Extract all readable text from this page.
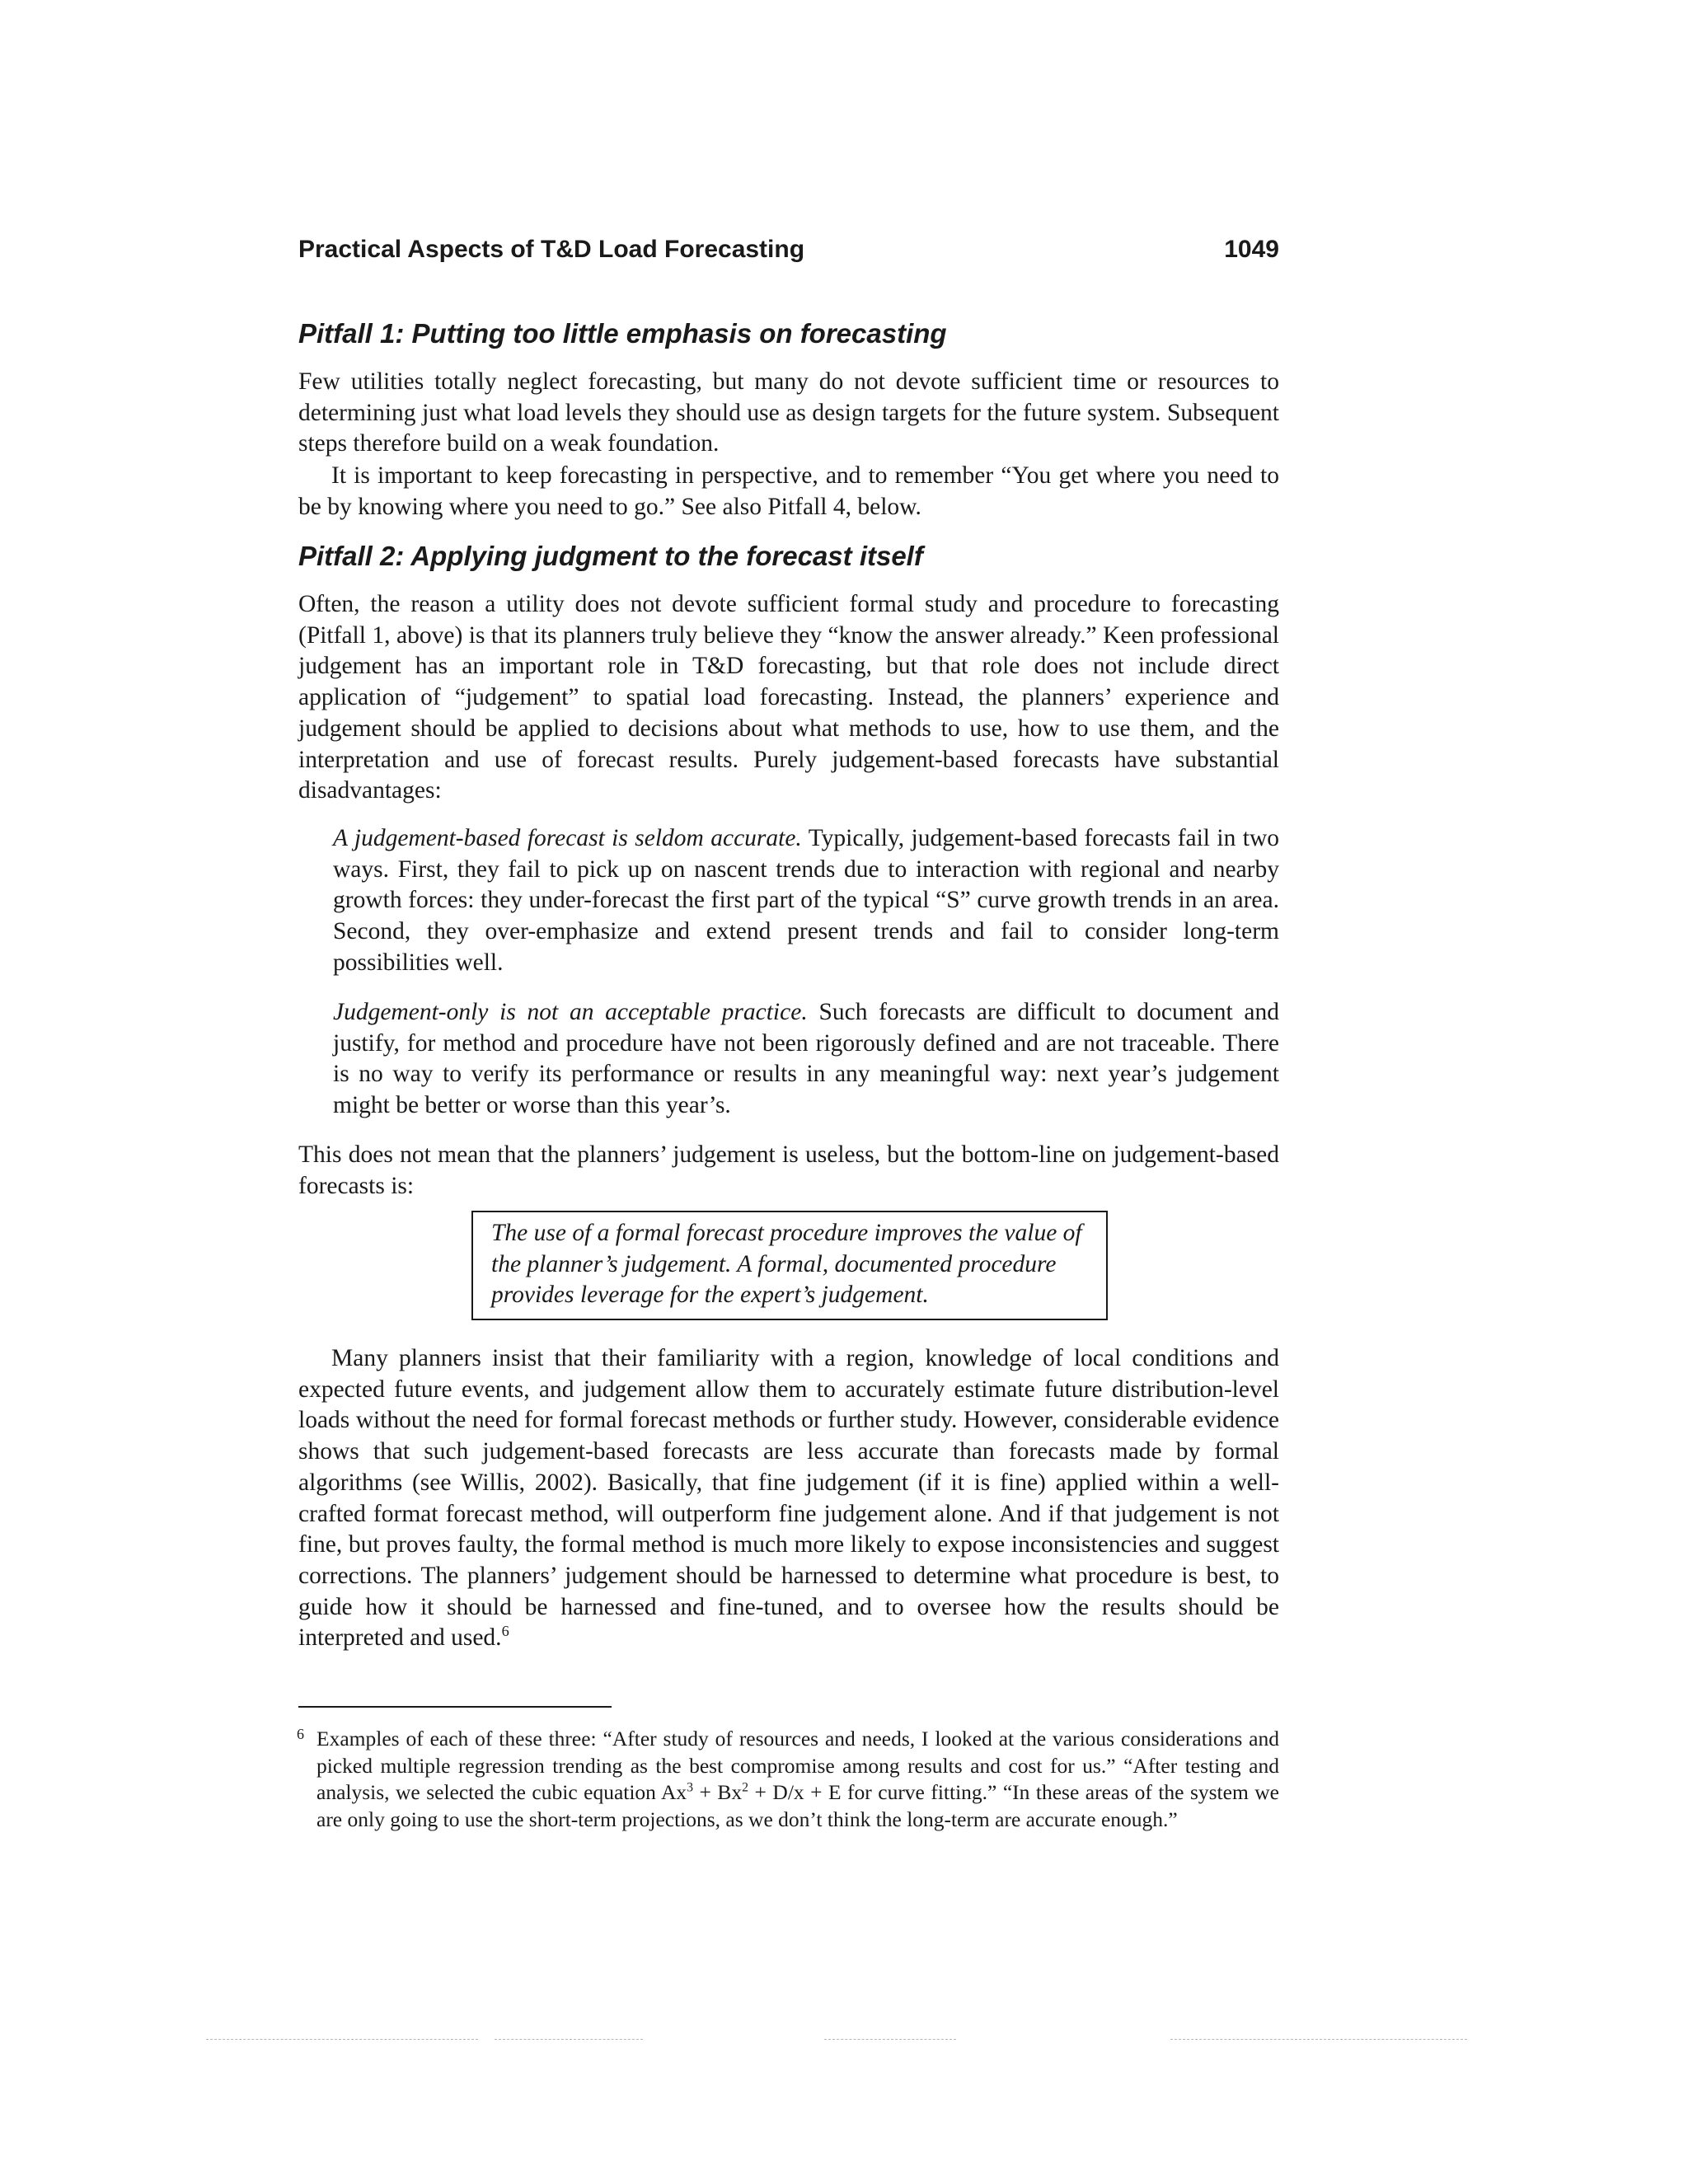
Practical Aspects of T&D Load Forecasting	1049
Pitfall 1: Putting too little emphasis on forecasting

Few utilities totally neglect forecasting, but many do not devote sufficient time or resources to determining just what load levels they should use as design targets for the future system. Subsequent steps therefore build on a weak foundation.

It is important to keep forecasting in perspective, and to remember “You get where you need to be by knowing where you need to go.” See also Pitfall 4, below.

Pitfall 2: Applying judgment to the forecast itself

Often, the reason a utility does not devote sufficient formal study and procedure to forecasting (Pitfall 1, above) is that its planners truly believe they “know the answer already.” Keen professional judgement has an important role in T&D forecasting, but that role does not include direct application of “judgement” to spatial load forecasting. Instead, the planners’ experience and judgement should be applied to decisions about what methods to use, how to use them, and the interpretation and use of forecast results. Purely judgement-based forecasts have substantial disadvantages:

A judgement-based forecast is seldom accurate. Typically, judgement-based forecasts fail in two ways. First, they fail to pick up on nascent trends due to interaction with regional and nearby growth forces: they under-forecast the first part of the typical “S” curve growth trends in an area. Second, they over-emphasize and extend present trends and fail to consider long-term possibilities well.

Judgement-only is not an acceptable practice. Such forecasts are difficult to document and justify, for method and procedure have not been rigorously defined and are not traceable. There is no way to verify its performance or results in any meaningful way: next year’s judgement might be better or worse than this year’s.

This does not mean that the planners’ judgement is useless, but the bottom-line on judgement-based forecasts is:

The use of a formal forecast procedure improves the value of the planner’s judgement. A formal, documented procedure provides leverage for the expert’s judgement.

Many planners insist that their familiarity with a region, knowledge of local conditions and expected future events, and judgement allow them to accurately estimate future distribution-level loads without the need for formal forecast methods or further study. However, considerable evidence shows that such judgement-based forecasts are less accurate than forecasts made by formal algorithms (see Willis, 2002). Basically, that fine judgement (if it is fine) applied within a well-crafted format forecast method, will outperform fine judgement alone. And if that judgement is not fine, but proves faulty, the formal method is much more likely to expose inconsistencies and suggest corrections. The planners’ judgement should be harnessed to determine what procedure is best, to guide how it should be harnessed and fine-tuned, and to oversee how the results should be interpreted and used.$^6$

6 Examples of each of these three: “After study of resources and needs, I looked at the various considerations and picked multiple regression trending as the best compromise among results and cost for us.” “After testing and analysis, we selected the cubic equation $Ax^3 + Bx^2 + D/x + E$ for curve fitting.” “In these areas of the system we are only going to use the short-term projections, as we don’t think the long-term are accurate enough.”
